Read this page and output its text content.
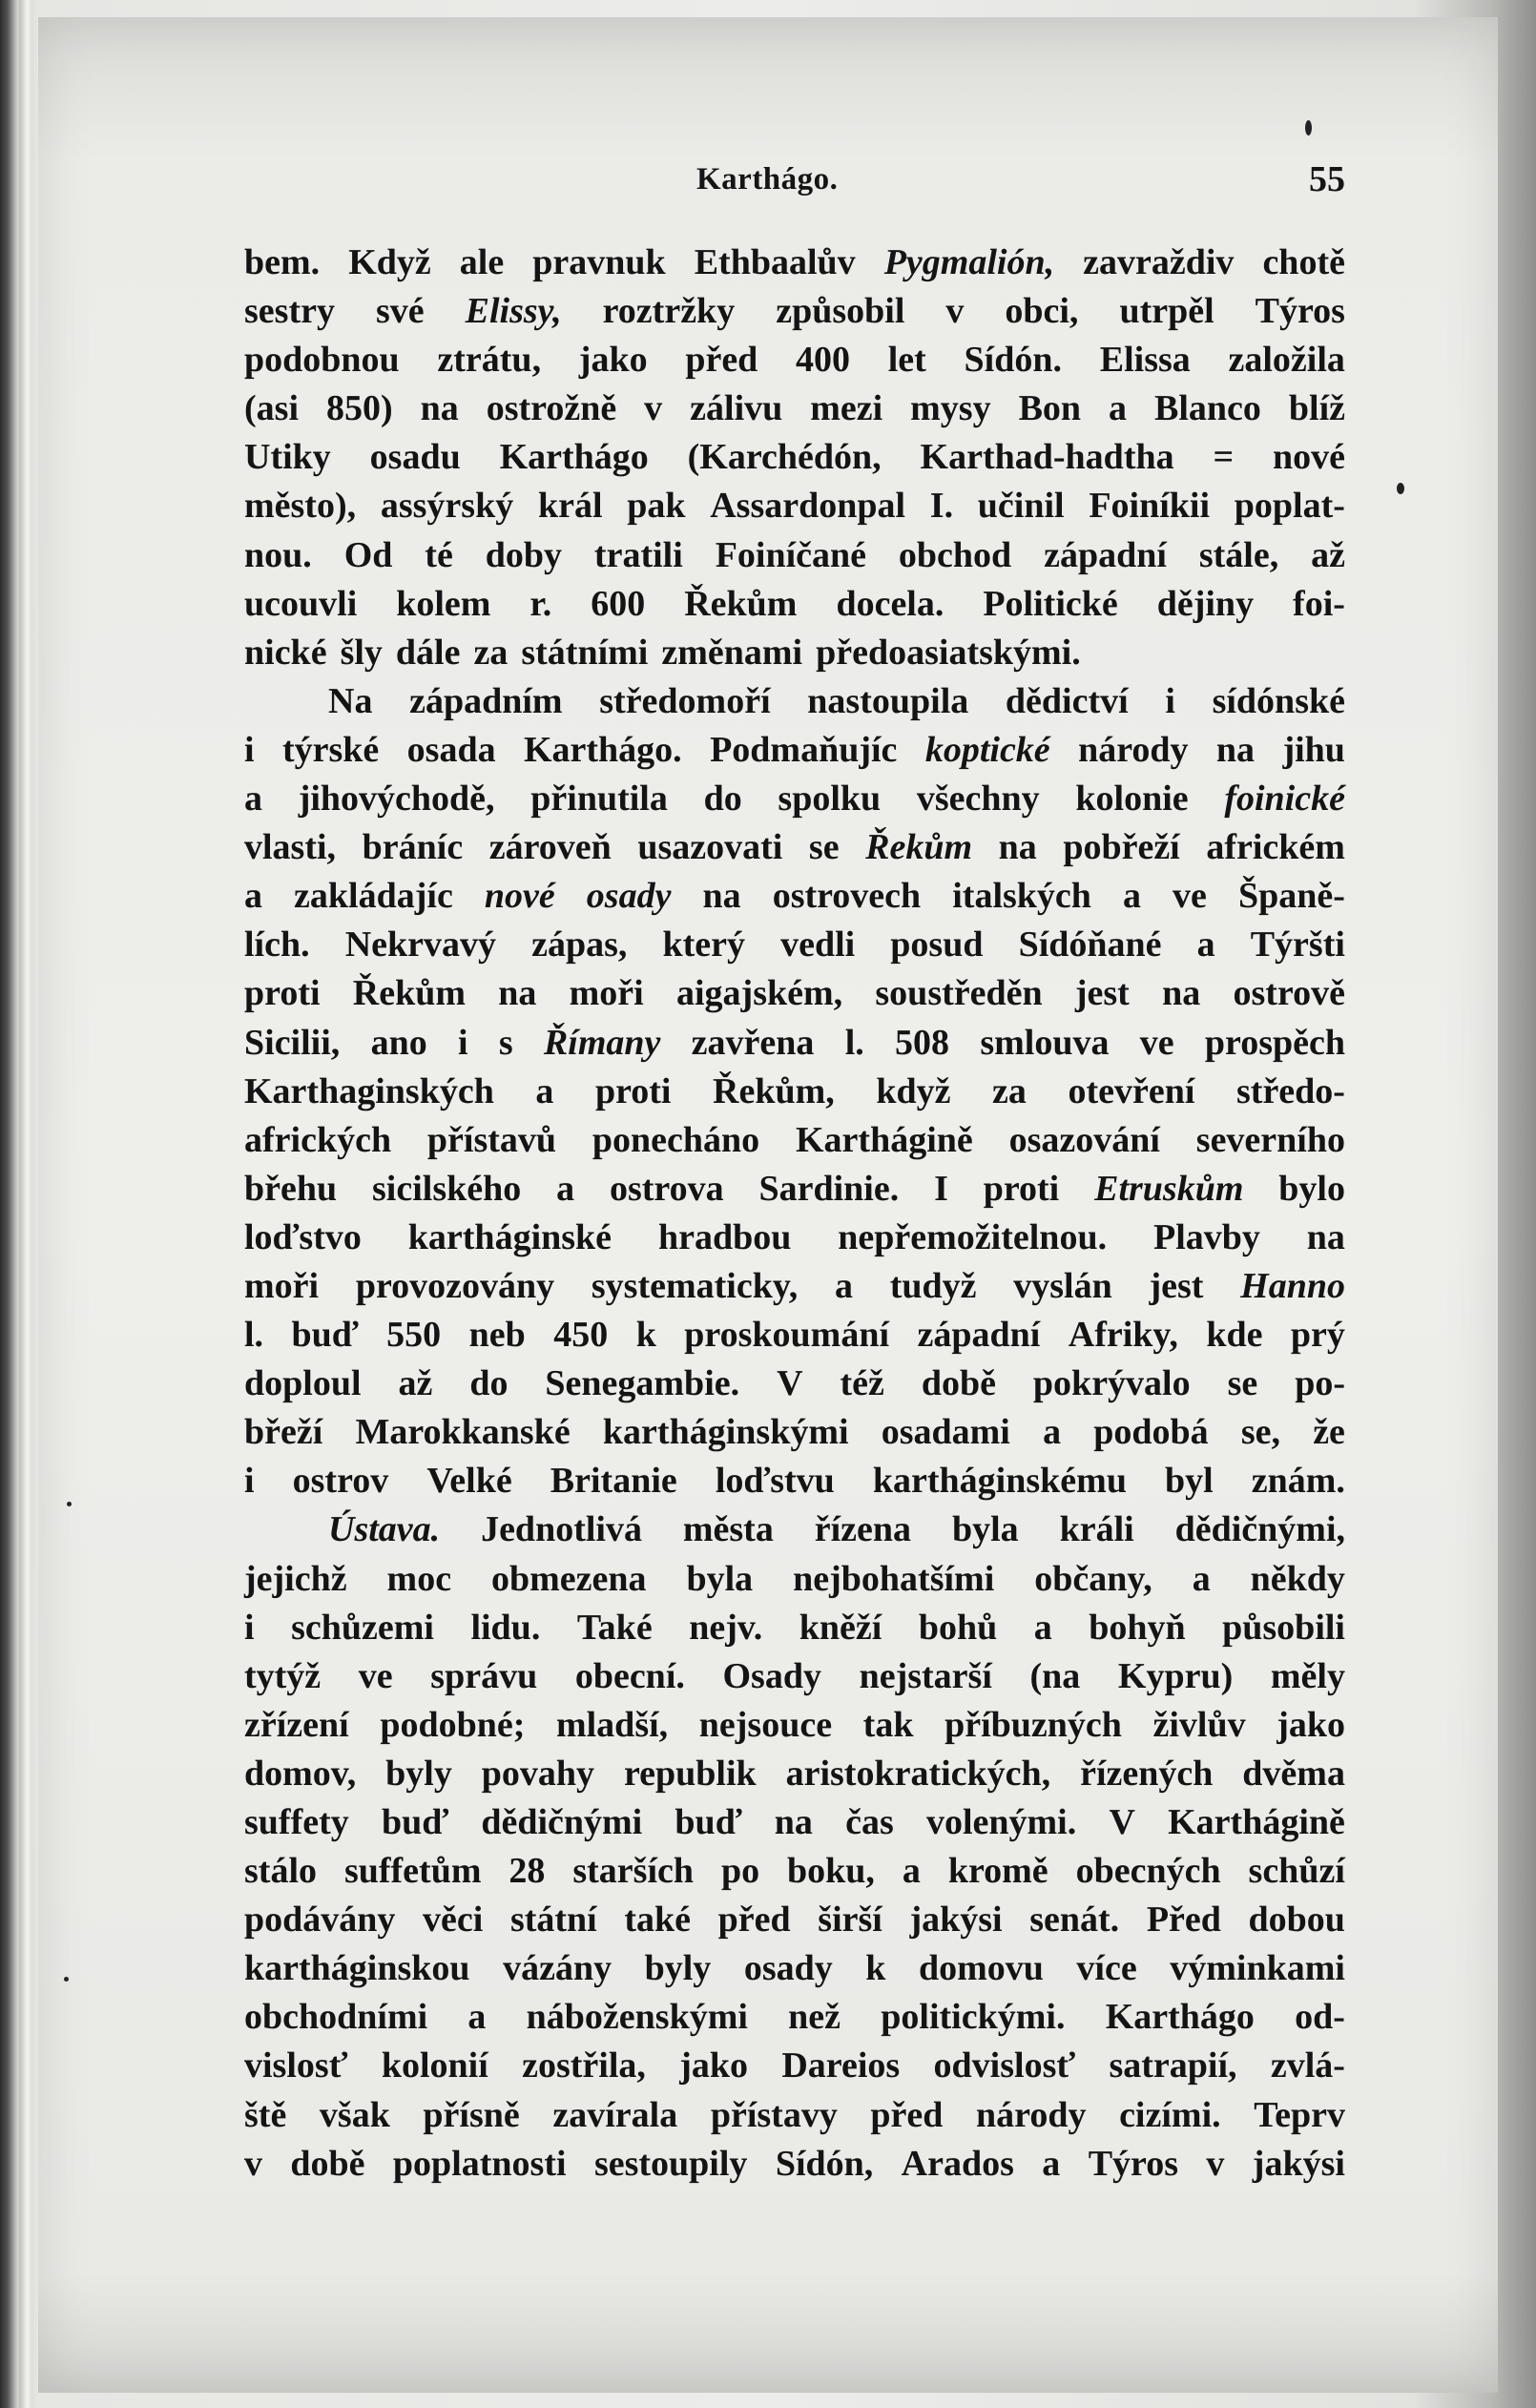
Karthágo.	55
bem. Když ale pravnuk Ethbaalův Pygmalión, zavraždiv chotě
sestry své Elissy, roztržky způsobil v obci, utrpěl Týros
podobnou ztrátu, jako před 400 let Sídón. Elissa založila
(asi 850) na ostrožně v zálivu mezi mysy Bon a Blanco blíž
Utiky osadu Karthágo (Karchédón, Karthad-hadtha = nové
město), assýrský král pak Assardonpal I. učinil Foiníkii poplat-
nou. Od té doby tratili Foiníčané obchod západní stále, až
ucouvli kolem r. 600 Řekům docela. Politické dějiny foi-
nické šly dále za státními změnami předoasiatskými.
Na západním středomoří nastoupila dědictví i sídónské
i týrské osada Karthágo. Podmaňujíc koptické národy na jihu
a jihovýchodě, přinutila do spolku všechny kolonie foinické
vlasti, bráníc zároveň usazovati se Řekům na pobřeží africkém
a zakládajíc nové osady na ostrovech italských a ve Španě-
lích. Nekrvavý zápas, který vedli posud Sídóňané a Týršti
proti Řekům na moři aigajském, soustředěn jest na ostrově
Sicilii, ano i s Římany zavřena l. 508 smlouva ve prospěch
Karthaginských a proti Řekům, když za otevření středo-
afrických přístavů ponecháno Karthágině osazování severního
břehu sicilského a ostrova Sardinie. I proti Etruskům bylo
loďstvo kartháginské hradbou nepřemožitelnou. Plavby na
moři provozovány systematicky, a tudyž vyslán jest Hanno
l. buď 550 neb 450 k proskoumání západní Afriky, kde prý
doploul až do Senegambie. V též době pokrývalo se po-
břeží Marokkanské kartháginskými osadami a podobá se, že
i ostrov Velké Britanie loďstvu kartháginskému byl znám.
Ústava. Jednotlivá města řízena byla králi dědičnými,
jejichž moc obmezena byla nejbohatšími občany, a někdy
i schůzemi lidu. Také nejv. kněží bohů a bohyň působili
tytýž ve správu obecní. Osady nejstarší (na Kypru) měly
zřízení podobné; mladší, nejsouce tak příbuzných živlův jako
domov, byly povahy republik aristokratických, řízených dvěma
suffety buď dědičnými buď na čas volenými. V Karthágině
stálo suffetům 28 starších po boku, a kromě obecných schůzí
podávány věci státní také před širší jakýsi senát. Před dobou
kartháginskou vázány byly osady k domovu více výminkami
obchodními a náboženskými než politickými. Karthágo od-
vislosť kolonií zostřila, jako Dareios odvislosť satrapií, zvlá-
ště však přísně zavírala přístavy před národy cizími. Teprv
v době poplatnosti sestoupily Sídón, Arados a Týros v jakýsi
